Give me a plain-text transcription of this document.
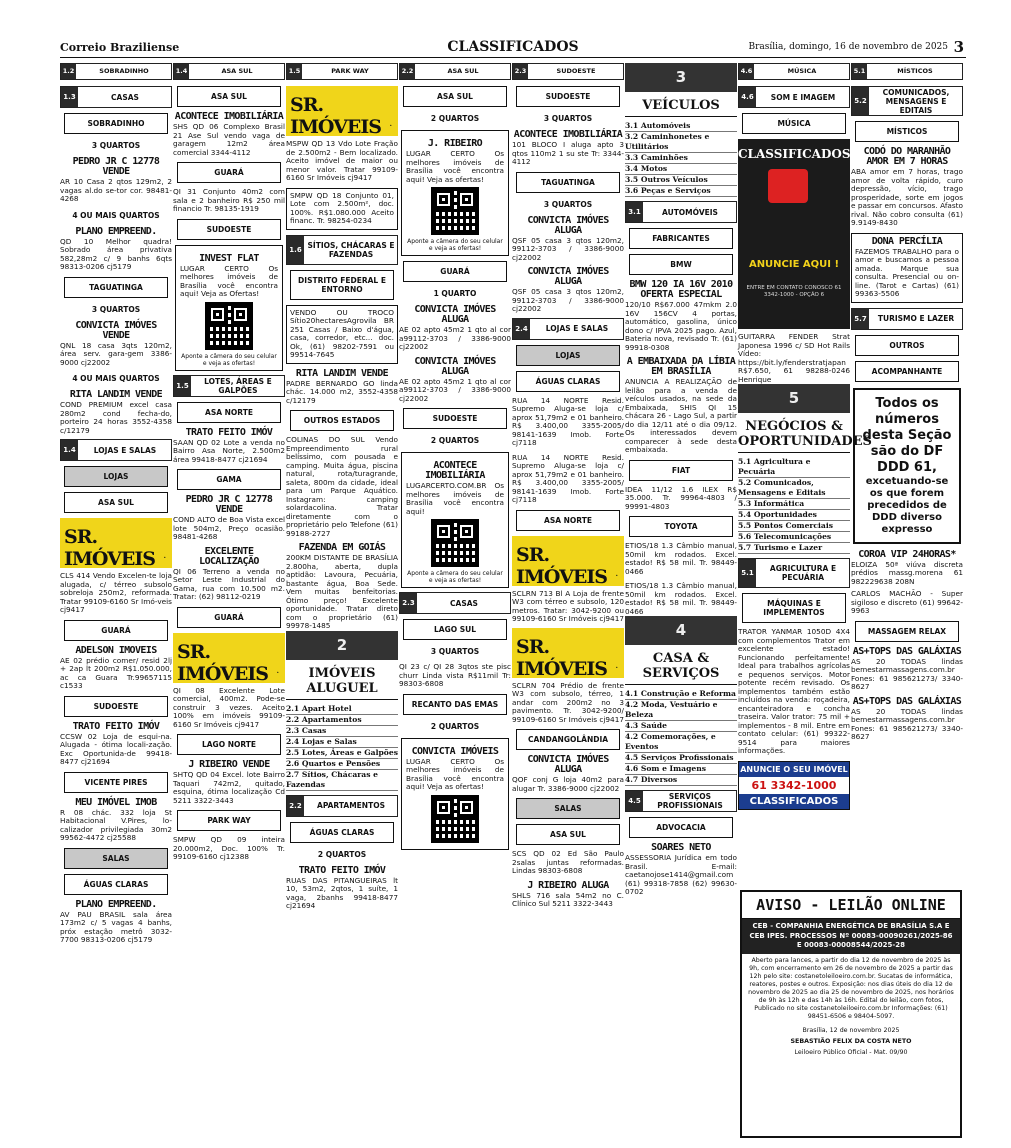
Correio Braziliense	CLASSIFICADOS	Brasília, domingo, 16 de novembro de 2025 3
1.2	SOBRADINHO
1.3	CASAS
SOBRADINHO
3 QUARTOS
PEDRO JR C 12778 VENDE
AR 10 Casa 2 qtos 129m2, 2 vagas al.do se-tor cor. 98481-4268
4 OU MAIS QUARTOS
PLANO EMPREEND.
QD 10 Melhor quadra! Sobrado área privativa 582,28m2 c/ 9 banhs 6qts 98313-0206 cj5179
TAGUATINGA
3 QUARTOS
CONVICTA IMÓVES VENDE
QNL 18 casa 3qts 120m2, área serv. gara-gem 3386-9000 cj22002
4 OU MAIS QUARTOS
RITA LANDIM VENDE
COND PREMIUM excel casa 280m2 cond fecha-do, porteiro 24 horas 3552-4358 c/12179
1.4	LOJAS E SALAS
LOJAS
ASA SUL
SR. IMÓVEIS	•
CLS 414 Vendo Excelen-te loja alugada, c/ térreo subsolo sobreloja 250m2, reformada. Tratar 99109-6160 Sr Imó-veis cj9417
GUARÁ
ADELSON IMOVEIS
AE 02 prédio comer/ resid 2lj + 2ap lt 200m2 R$1.050.000, ac ca Guara Tr.99657115 c1533
SUDOESTE
TRATO FEITO IMÓV
CCSW 02 Loja de esqui-na. Alugada - ótima locali-zação. Exc Oportunida-de 99418-8477 cj21694
VICENTE PIRES
MEU IMÓVEL IMOB
R 08 chác. 332 loja St Habitacional V.Pires, lo-calizador privilegiada 30m2 99562-4472 cj25588
SALAS
ÁGUAS CLARAS
PLANO EMPREEND.
AV PAU BRASIL sala área 173m2 c/ 5 vagas 4 banhs, próx estação metrô 3032-7700 98313-0206 cj5179
1.4	ASA SUL
ASA SUL
ACONTECE IMOBILIÁRIA
SHS QD 06 Complexo Brasil 21 Ase Sul vendo vaga de garagem 12m2 área comercial 3344-4112
GUARÁ
QI 31 Conjunto 40m2 com sala e 2 banheiro R$ 250 mil financio Tr. 98135-1919
SUDOESTE
INVEST FLAT
LUGAR CERTO Os melhores imóveis de Brasília você encontra aqui! Veja as Ofertas!
Aponte a câmera do seu celular e veja as ofertas!
1.5	LOTES, ÁREAS E GALPÕES
ASA NORTE
TRATO FEITO IMÓV
SAAN QD 02 Lote a venda no Bairro Asa Norte, 2.500m2 área 99418-8477 cj21694
GAMA
PEDRO JR C 12778 VENDE
COND ALTO de Boa Vista excel lote 504m2, Preço ocasião. 98481-4268
EXCELENTE LOCALIZAÇÃO
QI 06 Terreno a venda no Setor Leste Industrial do Gama, rua com 10.500 m2. Tratar: (62) 98112-0219
GUARÁ
SR. IMÓVEIS	•
QI 08 Excelente Lote comercial, 400m2. Pode-se construir 3 vezes. Aceito 100% em imóveis 99109-6160 Sr Imóveis cj9417
LAGO NORTE
J RIBEIRO VENDE
SHTQ QD 04 Excel. lote Bairro Taquari 742m2, quitado, esquina, ótima localização Cd 5211 3322-3443
PARK WAY
SMPW QD 09 inteira 20.000m2, Doc. 100% Tr. 99109-6160 cj12388
1.5	PARK WAY
SR. IMÓVEIS	•
MSPW QD 13 Vdo Lote Fração de 2.500m2 - Bem localizado. Aceito imóvel de maior ou menor valor. Tratar 99109-6160 Sr Imóveis cj9417
SMPW QD 18 Conjunto 01, Lote com 2.500m², doc. 100%. R$1.080.000 Aceito financ. Tr. 98254-0234
1.6 SÍTIOS, CHÁCARAS E FAZENDAS
DISTRITO FEDERAL E ENTORNO
VENDO OU TROCO Sítio20hectaresAgrovila BR 251 Casas / Baixo d'água, casa, corredor, etc... doc. Ok, (61) 98202-7591 ou 99514-7645
RITA LANDIM VENDE
PADRE BERNARDO GO linda chác. 14.000 m2, 3552-4358 c/12179
OUTROS ESTADOS
COLINAS DO SUL Vendo Empreendimento rural belíssimo, com pousada e camping. Muita água, piscina natural, rota/turagrande, saleta, 800m da cidade, ideal para um Parque Aquático. Instagram: camping solardacolina. Tratar diretamente com o proprietário pelo Telefone (61) 99188-2727
FAZENDA EM GOIÁS
200KM DISTANTE DE BRASÍLIA 2.800ha, aberta, dupla aptidão: Lavoura, Pecuária, bastante água, Boa Sede. Vem muitas benfeitorias. Ótimo preço! Excelente oportunidade. Tratar direto com o proprietário (61) 99978-1485
2
IMÓVEIS ALUGUEL
2.1 Apart Hotel
2.2 Apartamentos
2.3 Casas
2.4 Lojas e Salas
2.5 Lotes, Áreas e Galpões
2.6 Quartos e Pensões
2.7 Sítios, Chácaras e Fazendas
2.2	APARTAMENTOS
ÁGUAS CLARAS
2 QUARTOS
TRATO FEITO IMÓV
RUAS DAS PITANGUEIRAS lt 10, 53m2, 2qtos, 1 suíte, 1 vaga, 2banhs 99418-8477 cj21694
2.2	ASA SUL
ASA SUL
2 QUARTOS
J. RIBEIRO
LUGAR CERTO Os melhores imóveis de Brasília você encontra aqui! Veja as ofertas!
Aponte a câmera do seu celular e veja as ofertas!
GUARÁ
1 QUARTO
CONVICTA IMÓVES ALUGA
AE 02 apto 45m2 1 qto al cor a99112-3703 / 3386-9000 cj22002
CONVICTA IMÓVES ALUGA
AE 02 apto 45m2 1 qto al cor a99112-3703 / 3386-9000 cj22002
SUDOESTE
2 QUARTOS
ACONTECE IMOBILIÁRIA
LUGARCERTO.COM.BR Os melhores imóveis de Brasília você encontra aqui!
Aponte a câmera do seu celular e veja as ofertas!
2.3	CASAS
LAGO SUL
3 QUARTOS
QI 23 c/ QI 28 3qtos ste pisc churr Linda vista R$11mil Tr: 98303-6808
RECANTO DAS EMAS
2 QUARTOS
CONVICTA IMÓVEIS
LUGAR CERTO Os melhores imóveis de Brasília você encontra aqui! Veja as ofertas!
2.3	SUDOESTE
SUDOESTE
3 QUARTOS
ACONTECE IMOBILIÁRIA
101 BLOCO I aluga apto 3 qtos 110m2 1 su ste Tr: 3344-4112
TAGUATINGA
3 QUARTOS
CONVICTA IMÓVES ALUGA
QSF 05 casa 3 qtos 120m2, 99112-3703 / 3386-9000 cj22002
CONVICTA IMÓVES ALUGA
QSF 05 casa 3 qtos 120m2, 99112-3703 / 3386-9000 cj22002
2.4	LOJAS E SALAS
LOJAS
ÁGUAS CLARAS
RUA 14 NORTE Resid. Supremo Aluga-se loja c/ aprox 51,79m2 e 01 banheiro. R$ 3.400,00 3355-2005/ 98141-1639 Imob. Forte cj7118
RUA 14 NORTE Resid. Supremo Aluga-se loja c/ aprox 51,79m2 e 01 banheiro. R$ 3.400,00 3355-2005/ 98141-1639 Imob. Forte cj7118
ASA NORTE
SR. IMÓVEIS	•
SCLRN 713 Bl A Loja de frente W3 com térreo e subsolo, 120 metros. Tratar: 3042-9200 ou 99109-6160 Sr Imóveis cj9417
SR. IMÓVEIS	•
SCLRN 704 Prédio de frente W3 com subsolo, térreo, 1 andar com 200m2 no 3 pavimento. Tr. 3042-9200/ 99109-6160 Sr Imóveis cj9417
CANDANGOLÂNDIA
CONVICTA IMÓVES ALUGA
QOF conj G loja 40m2 para alugar Tr. 3386-9000 cj22002
SALAS
ASA SUL
SCS QD 02 Ed São Paulo 2salas juntas reformadas. Lindas 98303-6808
J RIBEIRO ALUGA
SHLS 716 sala 54m2 no C. Clínico Sul 5211 3322-3443
3
VEÍCULOS
3.1 Automóveis
3.2 Caminhonetes e Utilitários
3.3 Caminhões
3.4 Motos
3.5 Outros Veículos
3.6 Peças e Serviços
3.1	AUTOMÓVEIS
FABRICANTES
BMW
BMW 120 IA 16V 2010 OFERTA ESPECIAL
120/10 R$67.000 47mkm 2.0 16V 156CV 4 portas, automático, gasolina, único dono c/ IPVA 2025 pago. Azul, Bateria nova, revisado Tr. (61) 99918-0308
A EMBAIXADA DA LÍBIA EM BRASÍLIA
ANUNCIA A REALIZAÇÃO de leilão para a venda de veículos usados, na sede da Embaixada, SHIS QI 15 chácara 26 - Lago Sul, a partir do dia 12/11 até o dia 09/12. Os interessados devem comparecer à sede desta embaixada.
FIAT
IDEA 11/12 1.6 ILEX R$ 35.000. Tr. 99964-4803 / 99991-4803
TOYOTA
ETIOS/18 1.3 Câmbio manual, 50mil km rodados. Excel. estado! R$ 58 mil. Tr. 98449-0466
ETIOS/18 1.3 Câmbio manual, 50mil km rodados. Excel. estado! R$ 58 mil. Tr. 98449-0466
4
CASA & SERVIÇOS
4.1 Construção e Reforma
4.2 Moda, Vestuário e Beleza
4.3 Saúde
4.2 Comemorações, e Eventos
4.5 Serviços Profissionais
4.6 Som e Imagens
4.7 Diversos
4.5	SERVIÇOS PROFISSIONAIS
ADVOCACIA
SOARES NETO
ASSESSORIA Jurídica em todo Brasil. E-mail: caetanojose1414@gmail.com (61) 99318-7858 (62) 99630-0702
4.6	MÚSICA
4.6	SOM E IMAGEM
MÚSICA
CLASSIFICADOS
ANUNCIE AQUI !
ENTRE EM CONTATO CONOSCO 61 3342-1000 - OPÇÃO 6
GUITARRA FENDER Strat Japonesa 1996 c/ SD Hot Rails Vídeo: https://bit.ly/fenderstratjapan R$7.650, 61 98288-0246 Henrique
5
NEGÓCIOS & OPORTUNIDADES
5.1 Agricultura e Pecuária
5.2 Comunicados, Mensagens e Editais
5.3 Informática
5.4 Oportunidades
5.5 Pontos Comerciais
5.6 Telecomunicações
5.7 Turismo e Lazer
5.1	AGRICULTURA E PECUÁRIA
MÁQUINAS E IMPLEMENTOS
TRATOR YANMAR 1050D 4X4 com complementos Trator em excelente estado! Funcionando perfeitamente! Ideal para trabalhos agrícolas e pequenos serviços. Motor potente recém revisado. Os implementos também estão incluídos na venda: roçadeira, encanteiradora e concha traseira. Valor trator: 75 mil + implementos - 8 mil. Entre em contato celular: (61) 99322-9514 para maiores informações.
ANUNCIE O SEU IMÓVEL
61 3342-1000
CLASSIFICADOS
5.1	MÍSTICOS
5.2
COMUNICADOS, MENSAGENS E EDITAIS
MÍSTICOS
CODÓ DO MARANHÃO AMOR EM 7 HORAS
ABA amor em 7 horas, trago amor de volta rápido, curo depressão, vício, trago prosperidade, sorte em jogos e passar em concursos. Afasto rival. Não cobro consulta (61) 9.9149-8430
DONA PERCÍLIA
FAZEMOS TRABALHO para o amor e buscamos a pessoa amada. Marque sua consulta. Presencial ou on-line. (Tarot e Cartas) (61) 99363-5506
5.7	TURISMO E LAZER
OUTROS
ACOMPANHANTE
Todos os números desta Seção são do DF DDD 61,
excetuando-se os que forem precedidos de DDD diverso expresso
COROA VIP 24HORAS*
ELOIZA 50ª viúva discreta prédios massg.morena 61 982229638 208N
CARLOS MACHÃO - Super sigiloso e discreto (61) 99642-9963
MASSAGEM RELAX
AS+TOPS DAS GALÁXIAS
AS 20 TODAS lindas bemestarmassagens.com.br Fones: 61 985621273/ 3340-8627
AS+TOPS DAS GALÁXIAS
AS 20 TODAS lindas bemestarmassagens.com.br Fones: 61 985621273/ 3340-8627
AVISO - LEILÃO ONLINE
CEB - COMPANHIA ENERGÉTICA DE BRASÍLIA S.A E CEB IPES. PROCESSOS Nº 00083-00090261/2025-86 E 00083-00008544/2025-28
Aberto para lances, a partir do dia 12 de novembro de 2025 às 9h, com encerramento em 26 de novembro de 2025 a partir das 12h pelo site: costanetoleiloeiro.com.br. Sucatas de informática, reatores, postes e outros. Exposição: nos dias úteis do dia 12 de novembro de 2025 ao dia 25 de novembro de 2025, nos horários de 9h às 12h e das 14h às 16h. Edital do leilão, com fotos, Publicado no site costanetoleiloeiro.com.br Informações: (61) 98451-6506 e 98404-5097.
Brasília, 12 de novembro 2025
SEBASTIÃO FELIX DA COSTA NETO
Leiloeiro Público Oficial - Mat. 09/90
